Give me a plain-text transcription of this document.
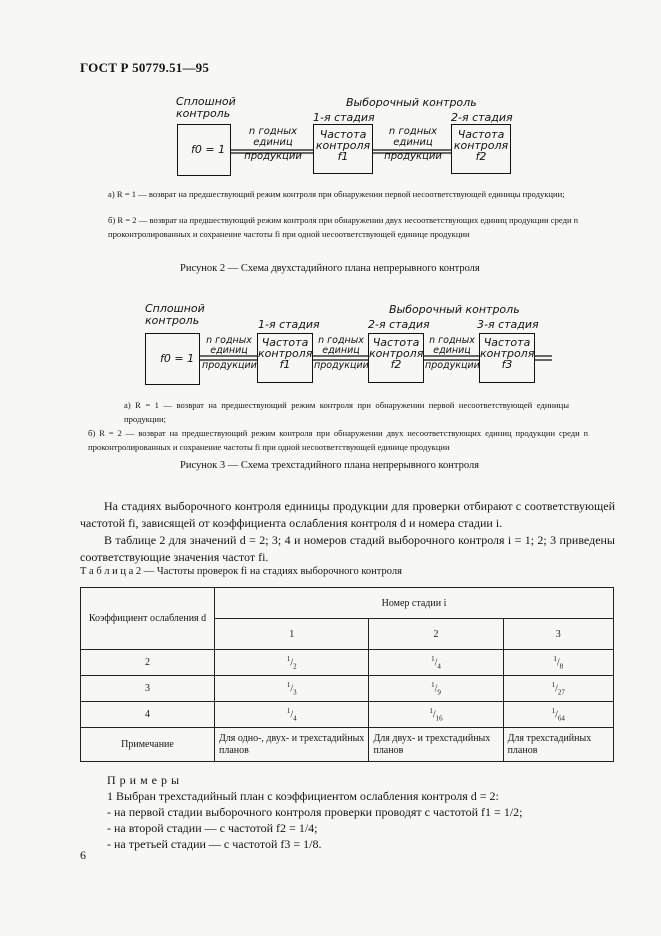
ГОСТ Р 50779.51—95
Сплошной
контроль
Выборочный контроль
1-я стадия	2-я стадия
f0 = 1
Частота
контроля
f1
Частота
контроля
f2
n годных
единиц
продукции
n годных
единиц
продукции
а) R = 1 — возврат на предшествующий режим контроля при обнаружении первой несоответствующей единицы продукции;
б) R = 2 — возврат на предшествующий режим контроля при обнаружении двух несоответствующих единиц продукции среди n проконтролированных и сохранение частоты fi при одной несоответствующей единице продукции
Рисунок 2 — Схема двухстадийного плана непрерывного контроля
Сплошной
контроль
Выборочный контроль
1-я стадия	2-я стадия	3-я стадия
f0 = 1
Частота
контроля
f1
Частота
контроля
f2
Частота
контроля
f3
n годных
единиц
продукции
n годных
единиц
продукции
n годных
единиц
продукции
а) R = 1 — возврат на предшествующий режим контроля при обнаружении первой несоответствующей единицы продукции;
б) R = 2 — возврат на предшествующий режим контроля при обнаружении двух несоответствующих единиц продукции среди n проконтролированных и сохранение частоты fi при одной несоответствующей единице продукции
Рисунок 3 — Схема трехстадийного плана непрерывного контроля
На стадиях выборочного контроля единицы продукции для проверки отбирают с соответствующей частотой fi, зависящей от коэффициента ослабления контроля d и номера стадии i.
В таблице 2 для значений d = 2; 3; 4 и номеров стадий выборочного контроля i = 1; 2; 3 приведены соответствующие значения частот fi.
Т а б л и ц а 2 — Частоты проверок fi на стадиях выборочного контроля
Коэффициент ослабления d	Номер стадии i		
	1	2	3
2	$^1/_2$	$^1/_4$	$^1/_8$
3	$^1/_3$	$^1/_9$	$^1/_{27}$
4	$^1/_4$	$^1/_{16}$	$^1/_{64}$
Примечание	Для одно-, двух- и трехстадийных планов	Для двух- и трехстадийных планов	Для трехстадийных планов
П р и м е р ы
1 Выбран трехстадийный план с коэффициентом ослабления контроля d = 2:
- на первой стадии выборочного контроля проверки проводят с частотой f1 = 1/2;
- на второй стадии — с частотой f2 = 1/4;
- на третьей стадии — с частотой f3 = 1/8.
6
